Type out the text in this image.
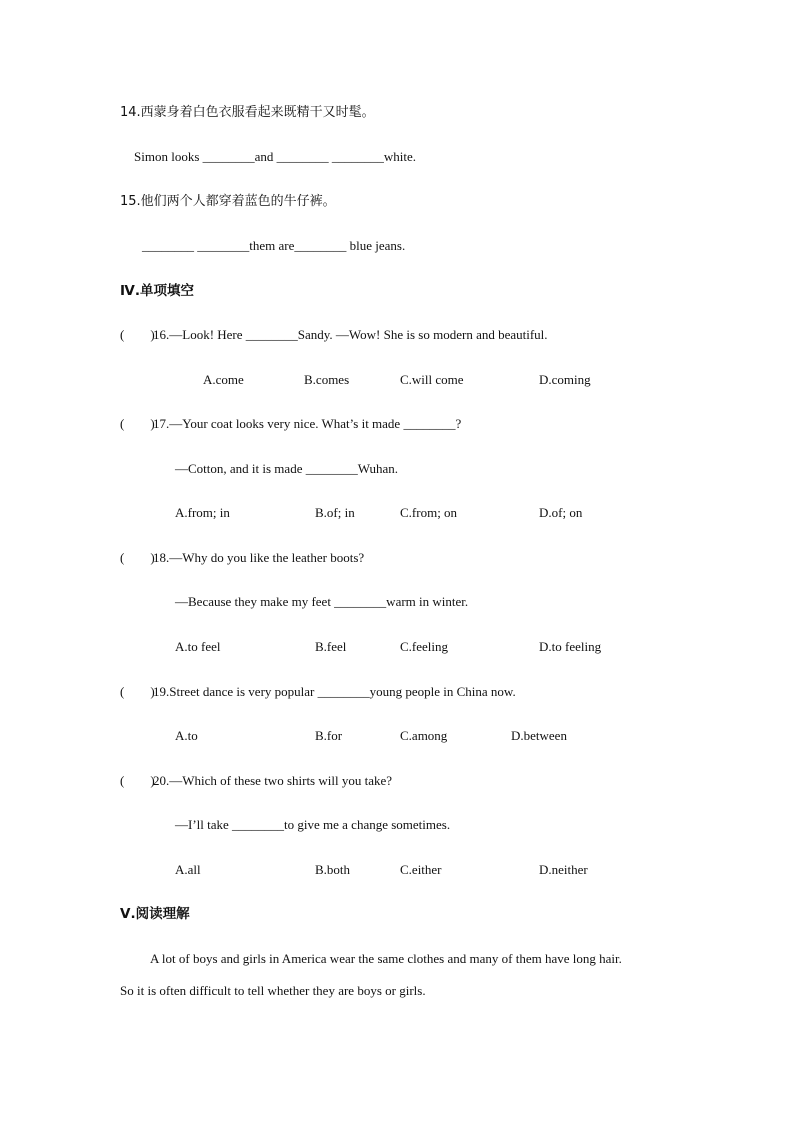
14.西蒙身着白色衣服看起来既精干又时髦。
Simon looks ________and ________ ________white.
15.他们两个人都穿着蓝色的牛仔裤。
________ ________them are________ blue jeans.
Ⅳ.单项填空
(        )
16.—Look! Here ________Sandy. —Wow! She is so modern and beautiful.
A.come	B.comes	C.will come	D.coming
(        )
17.—Your coat looks very nice. What’s it made ________?
—Cotton, and it is made ________Wuhan.
A.from; in	B.of; in	C.from; on	D.of; on
(        )
18.—Why do you like the leather boots?
—Because they make my feet ________warm in winter.
A.to feel	B.feel	C.feeling	D.to feeling
(        )
19.Street dance is very popular ________young people in China now.
A.to	B.for	C.among	D.between
(        )
20.—Which of these two shirts will you take?
—I’ll take ________to give me a change sometimes.
A.all	B.both	C.either	D.neither
Ⅴ.阅读理解
A lot of boys and girls in America wear the same clothes and many of them have long hair.
So it is often difficult to tell whether they are boys or girls.
